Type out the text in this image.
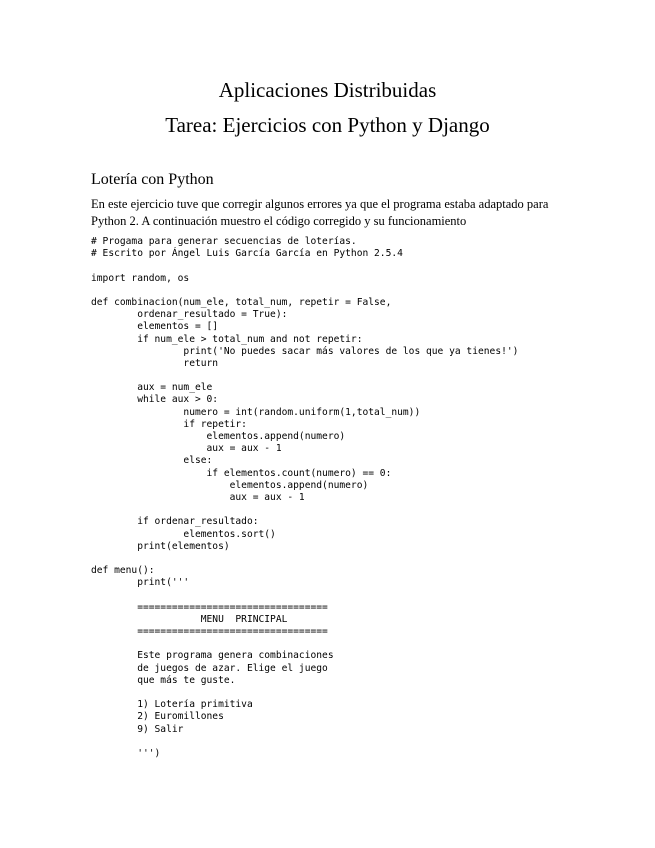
Aplicaciones Distribuidas
Tarea: Ejercicios con Python y Django
Lotería con Python
En este ejercicio tuve que corregir algunos errores ya que el programa estaba adaptado para Python 2. A continuación muestro el código corregido y su funcionamiento
# Progama para generar secuencias de loterías.
# Escrito por Ángel Luis García García en Python 2.5.4
import random, os
def combinacion(num_ele, total_num, repetir = False,
ordenar_resultado = True):
elementos = []
if num_ele > total_num and not repetir:
print('No puedes sacar más valores de los que ya tienes!')
return
aux = num_ele
while aux > 0:
numero = int(random.uniform(1,total_num))
if repetir:
elementos.append(numero)
aux = aux - 1
else:
if elementos.count(numero) == 0:
elementos.append(numero)
aux = aux - 1
if ordenar_resultado:
elementos.sort()
print(elementos)
def menu():
print('''
=================================
MENU  PRINCIPAL
=================================
Este programa genera combinaciones
de juegos de azar. Elige el juego
que más te guste.
1) Lotería primitiva
2) Euromillones
9) Salir
''')
